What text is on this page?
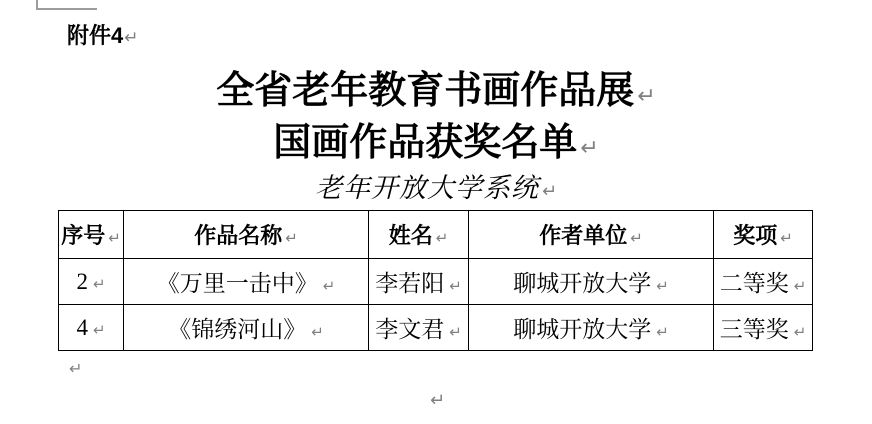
附件4↵
全省老年教育书画作品展 ↵
国画作品获奖名单 ↵
老年开放大学系统 ↵
序号 ↵	作品名称 ↵	姓名 ↵	作者单位 ↵	奖项 ↵
2 ↵	《万里一击中》 ↵	李若阳 ↵	聊城开放大学 ↵	二等奖 ↵
4 ↵	《锦绣河山》 ↵	李文君 ↵	聊城开放大学 ↵	三等奖 ↵
↵
↵
